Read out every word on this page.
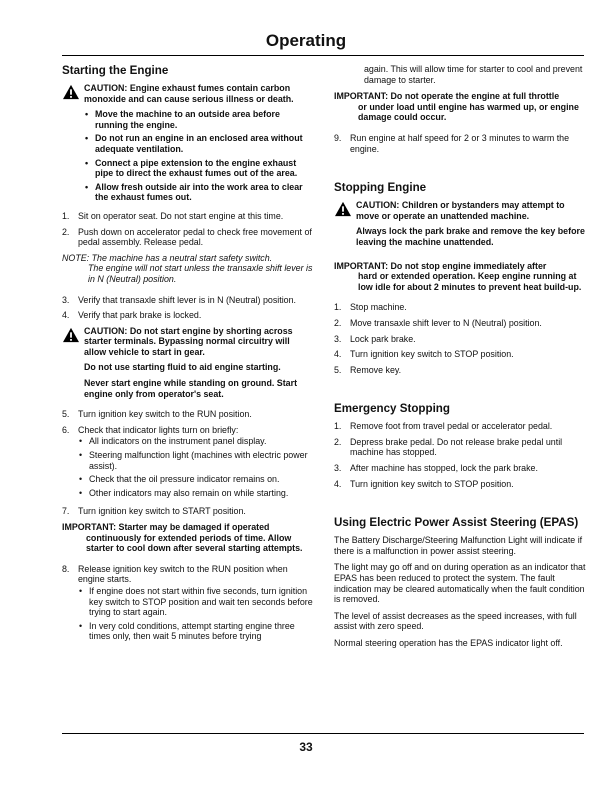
Operating
Starting the Engine

CAUTION: Engine exhaust fumes contain carbon monoxide and can cause serious illness or death.

• Move the machine to an outside area before running the engine.
• Do not run an engine in an enclosed area without adequate ventilation.
• Connect a pipe extension to the engine exhaust pipe to direct the exhaust fumes out of the area.
• Allow fresh outside air into the work area to clear the exhaust fumes out.
1. Sit on operator seat. Do not start engine at this time.
2. Push down on accelerator pedal to check free movement of pedal assembly. Release pedal.
NOTE: The machine has a neutral start safety switch.
The engine will not start unless the transaxle shift lever is in N (Neutral) position.
3. Verify that transaxle shift lever is in N (Neutral) position.
4. Verify that park brake is locked.

CAUTION: Do not start engine by shorting across starter terminals. Bypassing normal circuitry will allow vehicle to start in gear.

Do not use starting fluid to aid engine starting.

Never start engine while standing on ground. Start engine only from operator's seat.

5. Turn ignition key switch to the RUN position.
6. Check that indicator lights turn on briefly:
• All indicators on the instrument panel display.
• Steering malfunction light (machines with electric power assist).
• Check that the oil pressure indicator remains on.
• Other indicators may also remain on while starting.
7. Turn ignition key switch to START position.
IMPORTANT: Starter may be damaged if operated
continuously for extended periods of time. Allow starter to cool down after several starting attempts.
8. Release ignition key switch to the RUN position when engine starts.
• If engine does not start within five seconds, turn ignition key switch to STOP position and wait ten seconds before trying to start again.
• In very cold conditions, attempt starting engine three times only, then wait 5 minutes before trying
again. This will allow time for starter to cool and prevent damage to starter.
IMPORTANT: Do not operate the engine at full throttle
or under load until engine has warmed up, or engine damage could occur.
9. Run engine at half speed for 2 or 3 minutes to warm the engine.
Stopping Engine

CAUTION: Children or bystanders may attempt to move or operate an unattended machine.

Always lock the park brake and remove the key before leaving the machine unattended.

IMPORTANT: Do not stop engine immediately after
hard or extended operation. Keep engine running at low idle for about 2 minutes to prevent heat build-up.
1. Stop machine.
2. Move transaxle shift lever to N (Neutral) position.
3. Lock park brake.
4. Turn ignition key switch to STOP position.
5. Remove key.
Emergency Stopping
1. Remove foot from travel pedal or accelerator pedal.
2. Depress brake pedal. Do not release brake pedal until machine has stopped.
3. After machine has stopped, lock the park brake.
4. Turn ignition key switch to STOP position.
Using Electric Power Assist Steering (EPAS)

The Battery Discharge/Steering Malfunction Light will indicate if there is a malfunction in power assist steering.

The light may go off and on during operation as an indicator that EPAS has been reduced to protect the system. The fault indication may be cleared automatically when the fault condition is removed.

The level of assist decreases as the speed increases, with full assist with zero speed.

Normal steering operation has the EPAS indicator light off.

33
